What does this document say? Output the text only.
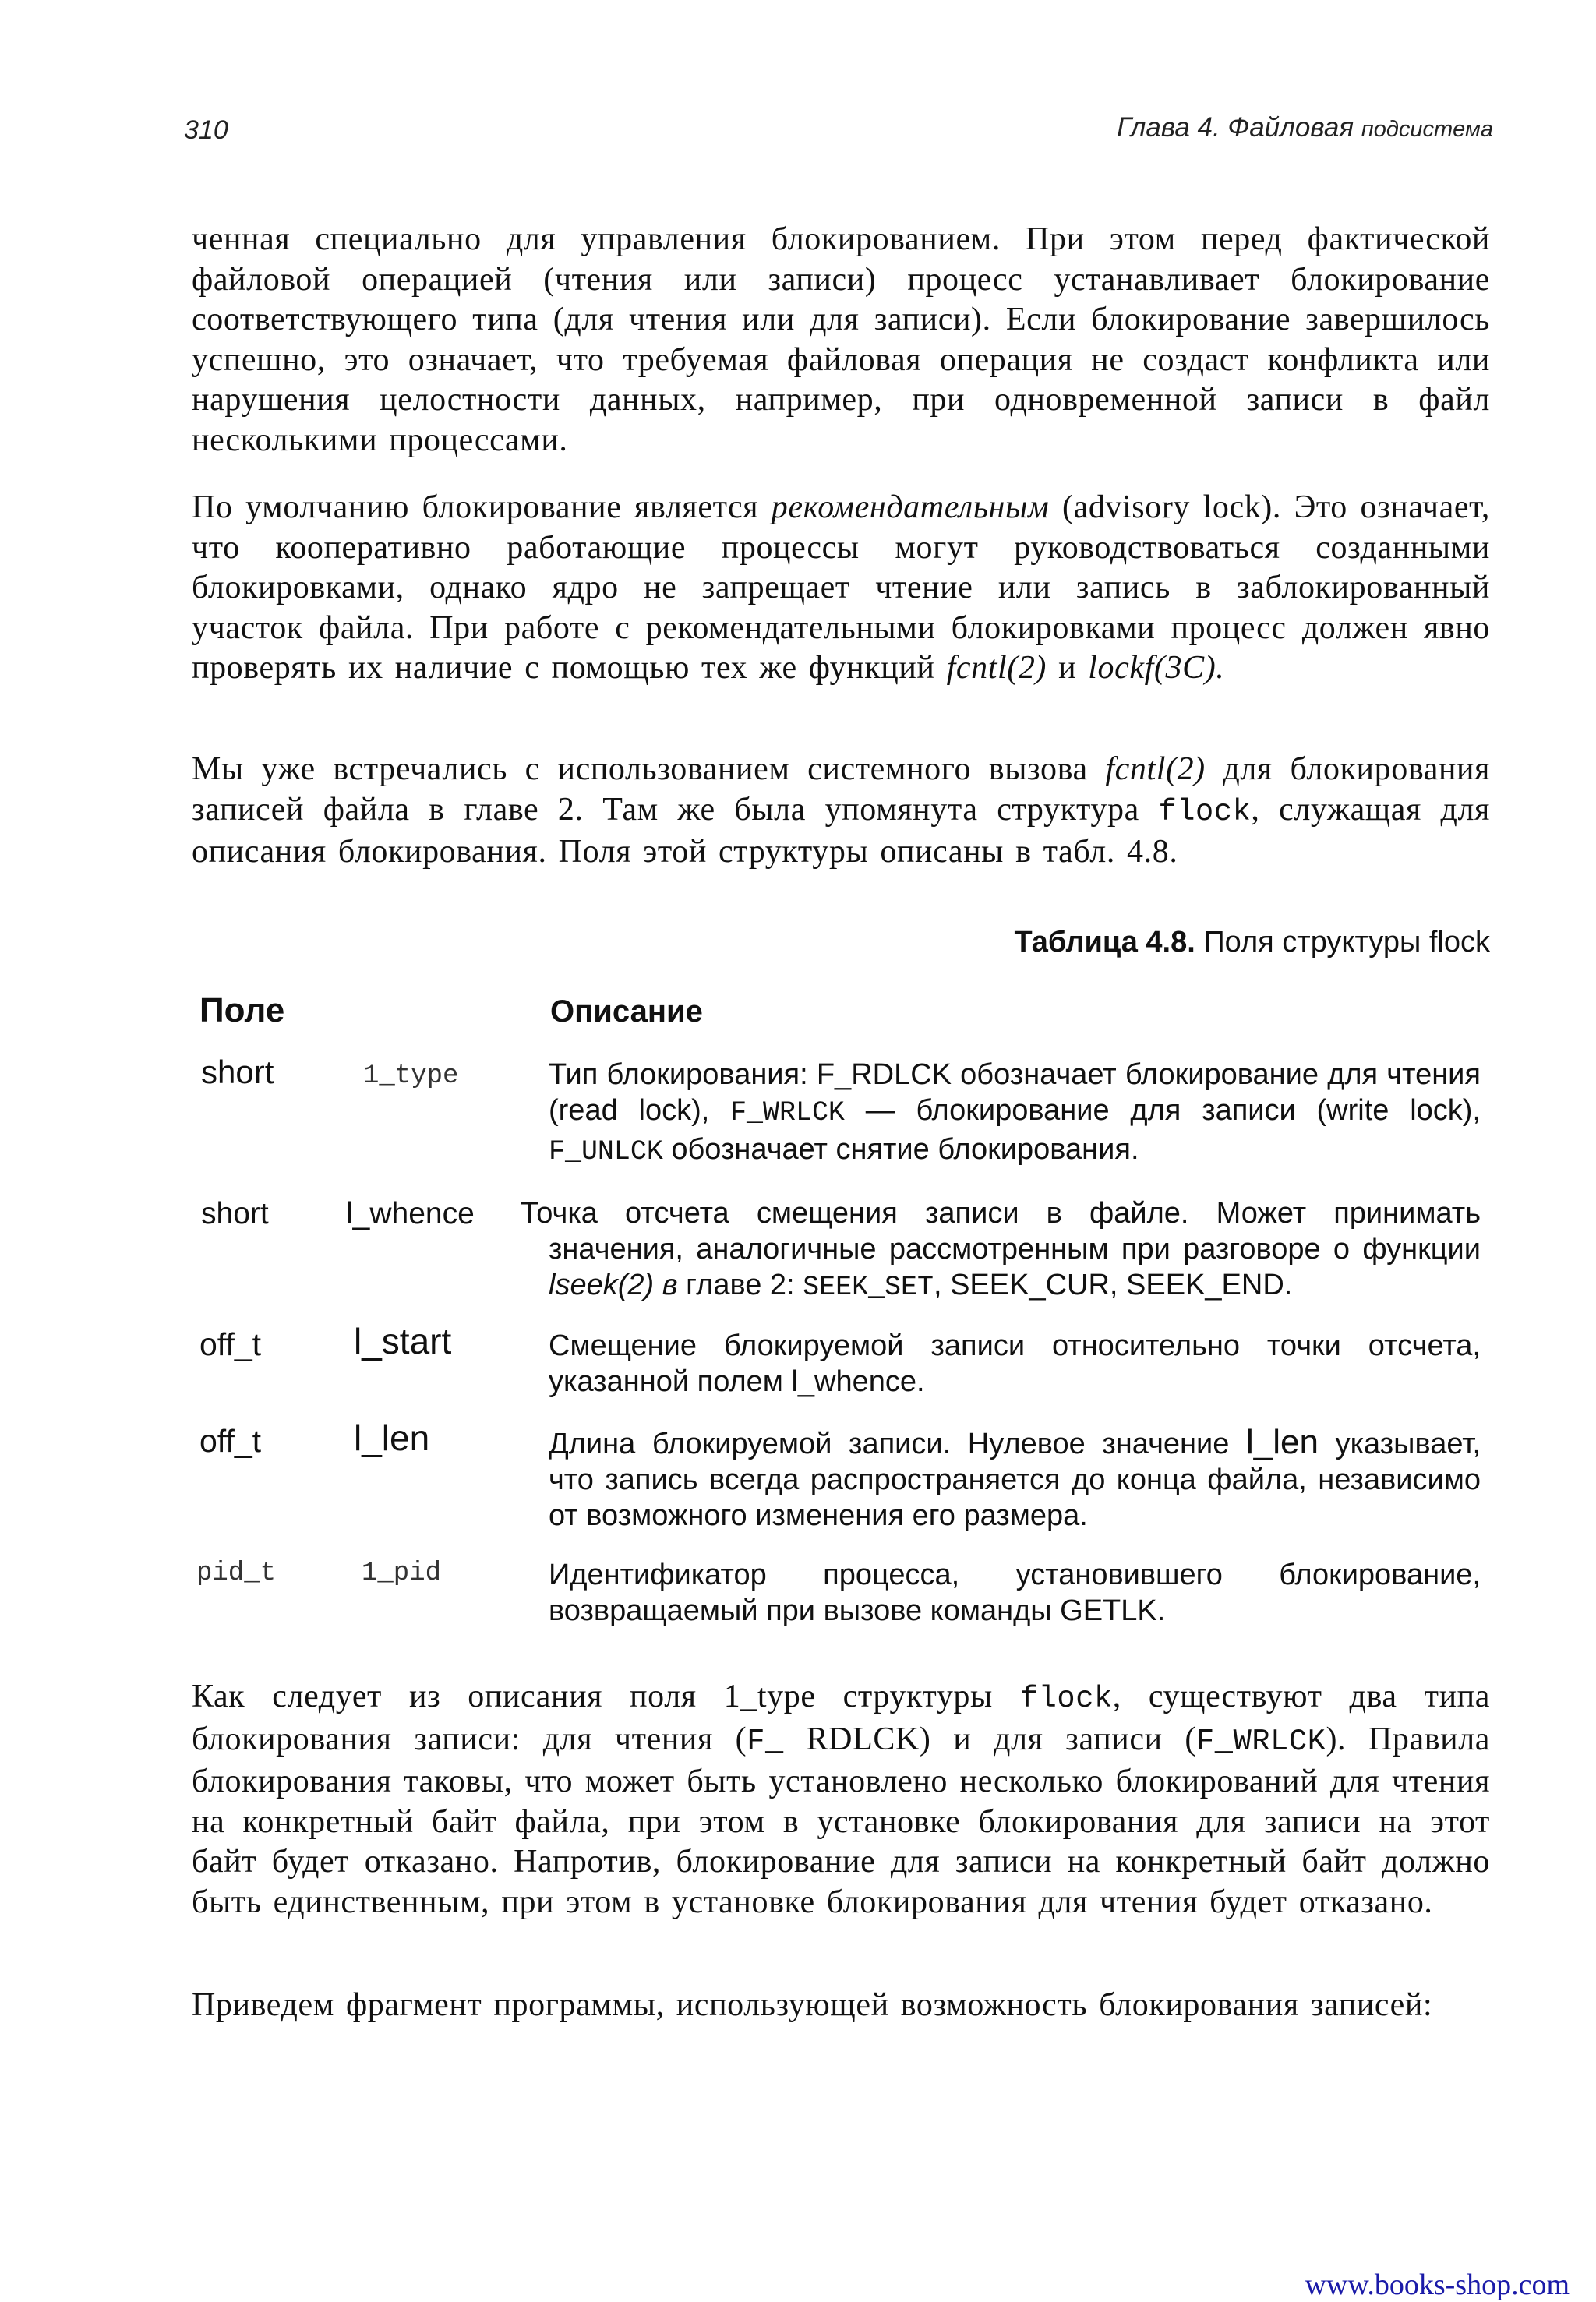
310	Глава 4. Файловая подсистема
ченная специально для управления блокированием. При этом перед фактической файловой операцией (чтения или записи) процесс устанавливает блокирование соответствующего типа (для чтения или для записи). Если блокирование завершилось успешно, это означает, что требуемая файловая операция не создаст конфликта или нарушения целостности данных, например, при одновременной записи в файл несколькими процессами.
По умолчанию блокирование является рекомендательным (advisory lock). Это означает, что кооперативно работающие процессы могут руководствоваться созданными блокировками, однако ядро не запрещает чтение или запись в заблокированный участок файла. При работе с рекомендательными блокировками процесс должен явно проверять их наличие с помощью тех же функций fcntl(2) и lockf(3C).
Мы уже встречались с использованием системного вызова fcntl(2) для блокирования записей файла в главе 2. Там же была упомянута структура flock, служащая для описания блокирования. Поля этой структуры описаны в табл. 4.8.
Таблица 4.8. Поля структуры flock
Поле	Описание
short	1_type	Тип блокирования: F_RDLCK обозначает блокирование для чтения (read lock), F_WRLCK — блокирование для записи (write lock), F_UNLCK обозначает снятие блокирования.
short	l_whence Точка отсчета смещения записи в файле. Может принимать значения, аналогичные рассмотренным при разговоре о функции lseek(2) в главе 2: SEEK_SET, SEEK_CUR, SEEK_END.
off_t	l_start	Смещение блокируемой записи относительно точки отсчета, указанной полем l_whence.
off_t	l_len	Длина блокируемой записи. Нулевое значение l_len указывает, что запись всегда распространяется до конца файла, независимо от возможного изменения его размера.
pid_t	1_pid	Идентификатор процесса, установившего блокирование, возвращаемый при вызове команды GETLK.
Как следует из описания поля 1_type структуры flock, существуют два типа блокирования записи: для чтения (F_ RDLCK) и для записи (F_WRLCK). Правила блокирования таковы, что может быть установлено несколько блокирований для чтения на конкретный байт файла, при этом в установке блокирования для записи на этот байт будет отказано. Напротив, блокирование для записи на конкретный байт должно быть единственным, при этом в установке блокирования для чтения будет отказано.
Приведем фрагмент программы, использующей возможность блокирования записей:
www.books-shop.com
